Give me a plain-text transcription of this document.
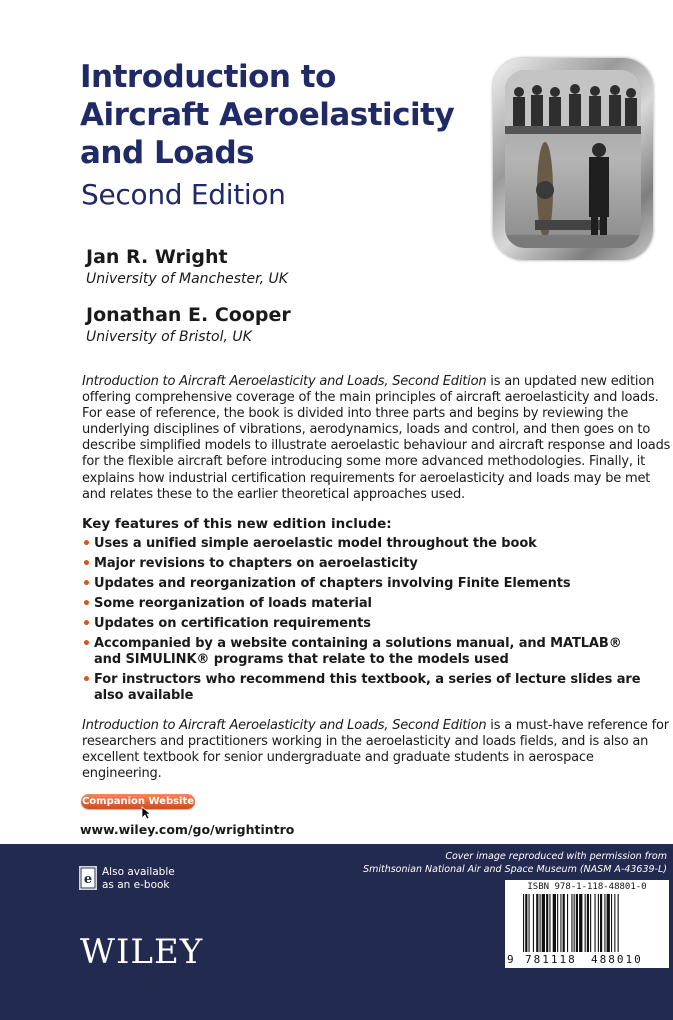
Introduction to
Aircraft Aeroelasticity
and Loads
Second Edition
Jan R. Wright
University of Manchester, UK
Jonathan E. Cooper
University of Bristol, UK
Introduction to Aircraft Aeroelasticity and Loads, Second Edition is an updated new edition offering comprehensive coverage of the main principles of aircraft aeroelasticity and loads. For ease of reference, the book is divided into three parts and begins by reviewing the underlying disciplines of vibrations, aerodynamics, loads and control, and then goes on to describe simplified models to illustrate aeroelastic behaviour and aircraft response and loads for the flexible aircraft before introducing some more advanced methodologies. Finally, it explains how industrial certification requirements for aeroelasticity and loads may be met and relates these to the earlier theoretical approaches used.
Key features of this new edition include:
• Uses a unified simple aeroelastic model throughout the book
• Major revisions to chapters on aeroelasticity
• Updates and reorganization of chapters involving Finite Elements
• Some reorganization of loads material
• Updates on certification requirements
• Accompanied by a website containing a solutions manual, and MATLAB® and SIMULINK® programs that relate to the models used
• For instructors who recommend this textbook, a series of lecture slides are also available
Introduction to Aircraft Aeroelasticity and Loads, Second Edition is a must-have reference for researchers and practitioners working in the aeroelasticity and loads fields, and is also an excellent textbook for senior undergraduate and graduate students in aerospace engineering.
Companion Website
www.wiley.com/go/wrightintro
e Also available
as an e-book
Cover image reproduced with permission from
Smithsonian National Air and Space Museum (NASM A-43639-L)
ISBN 978-1-118-48801-0
9 781118 488010
WILEY
